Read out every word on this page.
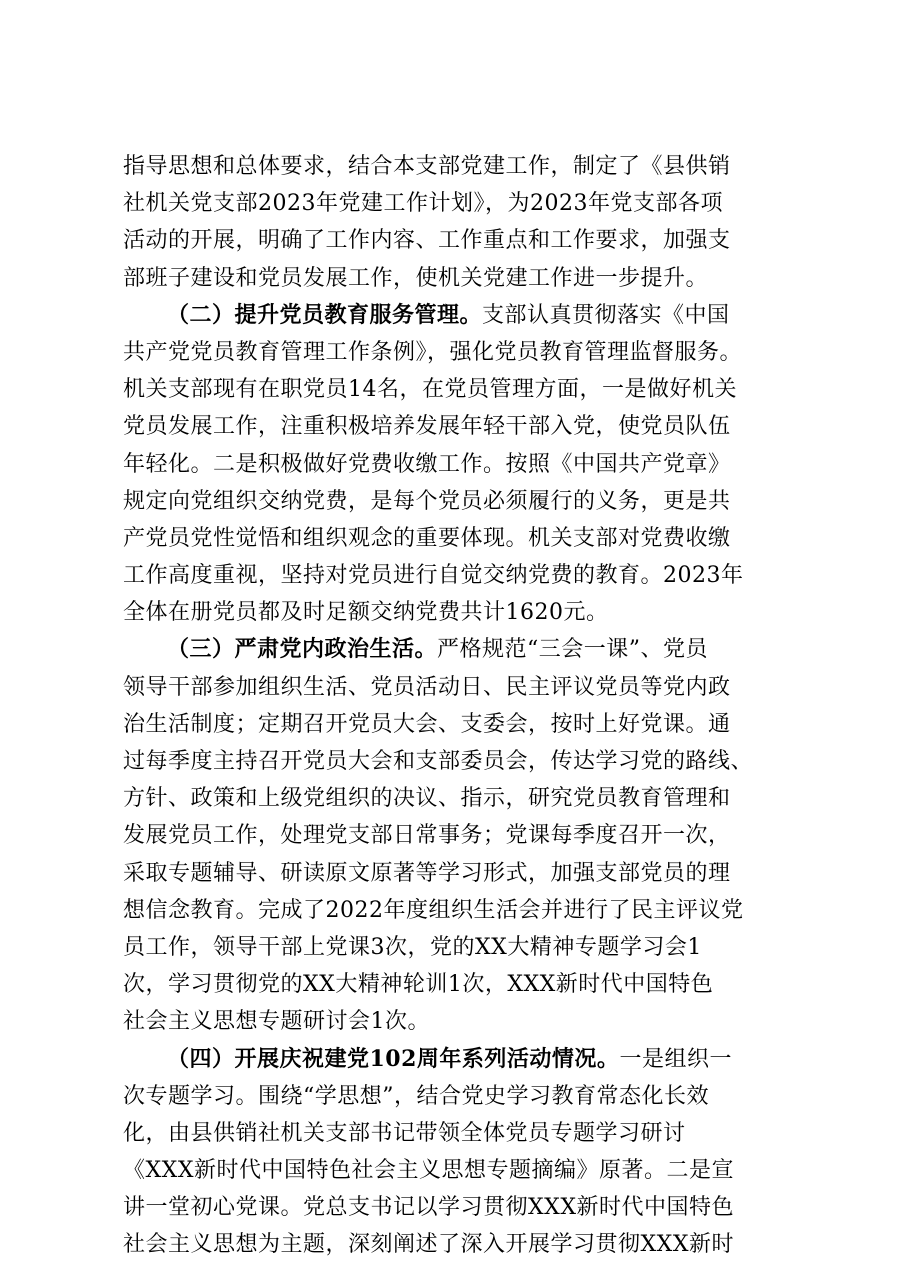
指导思想和总体要求，结合本支部党建工作，制定了《县供销
社机关党支部2023年党建工作计划》，为2023年党支部各项
活动的开展，明确了工作内容、工作重点和工作要求，加强支
部班子建设和党员发展工作，使机关党建工作进一步提升。
（二）提升党员教育服务管理。支部认真贯彻落实《中国
共产党党员教育管理工作条例》，强化党员教育管理监督服务。
机关支部现有在职党员14名，在党员管理方面，一是做好机关
党员发展工作，注重积极培养发展年轻干部入党，使党员队伍
年轻化。二是积极做好党费收缴工作。按照《中国共产党章》
规定向党组织交纳党费，是每个党员必须履行的义务，更是共
产党员党性觉悟和组织观念的重要体现。机关支部对党费收缴
工作高度重视，坚持对党员进行自觉交纳党费的教育。2023年
全体在册党员都及时足额交纳党费共计1620元。
（三）严肃党内政治生活。严格规范“三会一课”、党员
领导干部参加组织生活、党员活动日、民主评议党员等党内政
治生活制度；定期召开党员大会、支委会，按时上好党课。通
过每季度主持召开党员大会和支部委员会，传达学习党的路线、
方针、政策和上级党组织的决议、指示，研究党员教育管理和
发展党员工作，处理党支部日常事务；党课每季度召开一次，
采取专题辅导、研读原文原著等学习形式，加强支部党员的理
想信念教育。完成了2022年度组织生活会并进行了民主评议党
员工作，领导干部上党课3次，党的XX大精神专题学习会1
次，学习贯彻党的XX大精神轮训1次，XXX新时代中国特色
社会主义思想专题研讨会1次。
（四）开展庆祝建党102周年系列活动情况。一是组织一
次专题学习。围绕“学思想”，结合党史学习教育常态化长效
化，由县供销社机关支部书记带领全体党员专题学习研讨
《XXX新时代中国特色社会主义思想专题摘编》原著。二是宣
讲一堂初心党课。党总支书记以学习贯彻XXX新时代中国特色
社会主义思想为主题，深刻阐述了深入开展学习贯彻XXX新时
